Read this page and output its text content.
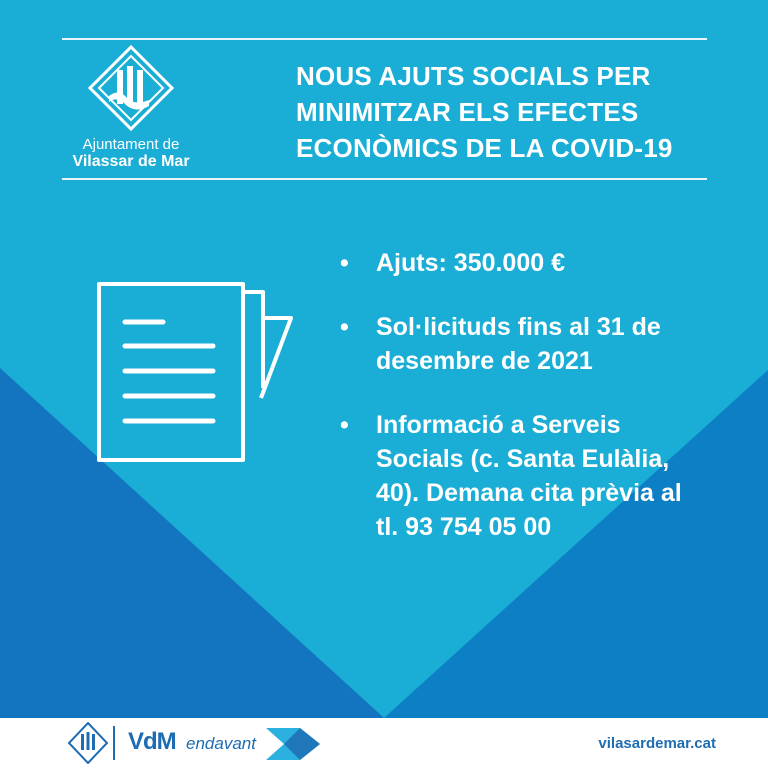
Ajuntament de
Vilassar de Mar
NOUS AJUTS SOCIALS PER
MINIMITZAR ELS EFECTES
ECONÒMICS DE LA COVID-19
• Ajuts: 350.000 €
• Sol·licituds fins al 31 de
desembre de 2021
• Informació a Serveis
Socials (c. Santa Eulàlia,
40). Demana cita prèvia al
tl. 93 754 05 00
VdM endavant	vilasardemar.cat
